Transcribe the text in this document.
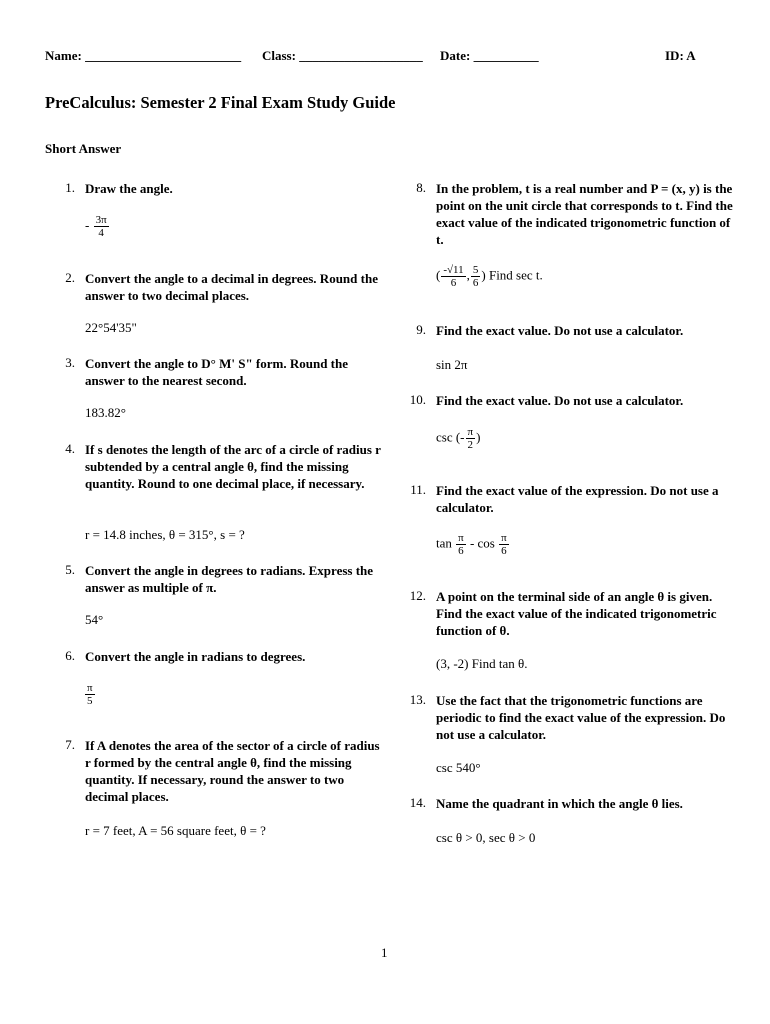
Name: ________________________ Class: ___________________ Date: __________	ID: A
PreCalculus: Semester 2 Final Exam Study Guide
Short Answer
1. Draw the angle.
- $\frac{3\pi}{4}$
2. Convert the angle to a decimal in degrees. Round the answer to two decimal places.
22°54'35"
3. Convert the angle to D° M' S" form. Round the answer to the nearest second.
183.82°
4. If s denotes the length of the arc of a circle of radius r subtended by a central angle θ, find the missing quantity. Round to one decimal place, if necessary.
r = 14.8 inches, θ = 315°, s = ?
5. Convert the angle in degrees to radians. Express the answer as multiple of π.
54°
6. Convert the angle in radians to degrees.
$\frac{\pi}{5}$
7. If A denotes the area of the sector of a circle of radius r formed by the central angle θ, find the missing quantity. If necessary, round the answer to two decimal places.
r = 7 feet, A = 56 square feet, θ = ?
8. In the problem, t is a real number and P = (x, y) is the point on the unit circle that corresponds to t. Find the exact value of the indicated trigonometric function of t.
( $\frac{-√11}{6}$ , $\frac{5}{6}$ ) Find sec t.
9. Find the exact value. Do not use a calculator.
sin 2π
10. Find the exact value. Do not use a calculator.
csc (- $\frac{\pi}{2}$ )
11. Find the exact value of the expression. Do not use a calculator.
$\tan \frac{\pi}{6}$ - $\cos \frac{\pi}{6}$
12. A point on the terminal side of an angle θ is given. Find the exact value of the indicated trigonometric function of θ.
(3, -2) Find tan θ.
13. Use the fact that the trigonometric functions are periodic to find the exact value of the expression. Do not use a calculator.
csc 540°
14. Name the quadrant in which the angle θ lies.
csc θ > 0, sec θ > 0
1
